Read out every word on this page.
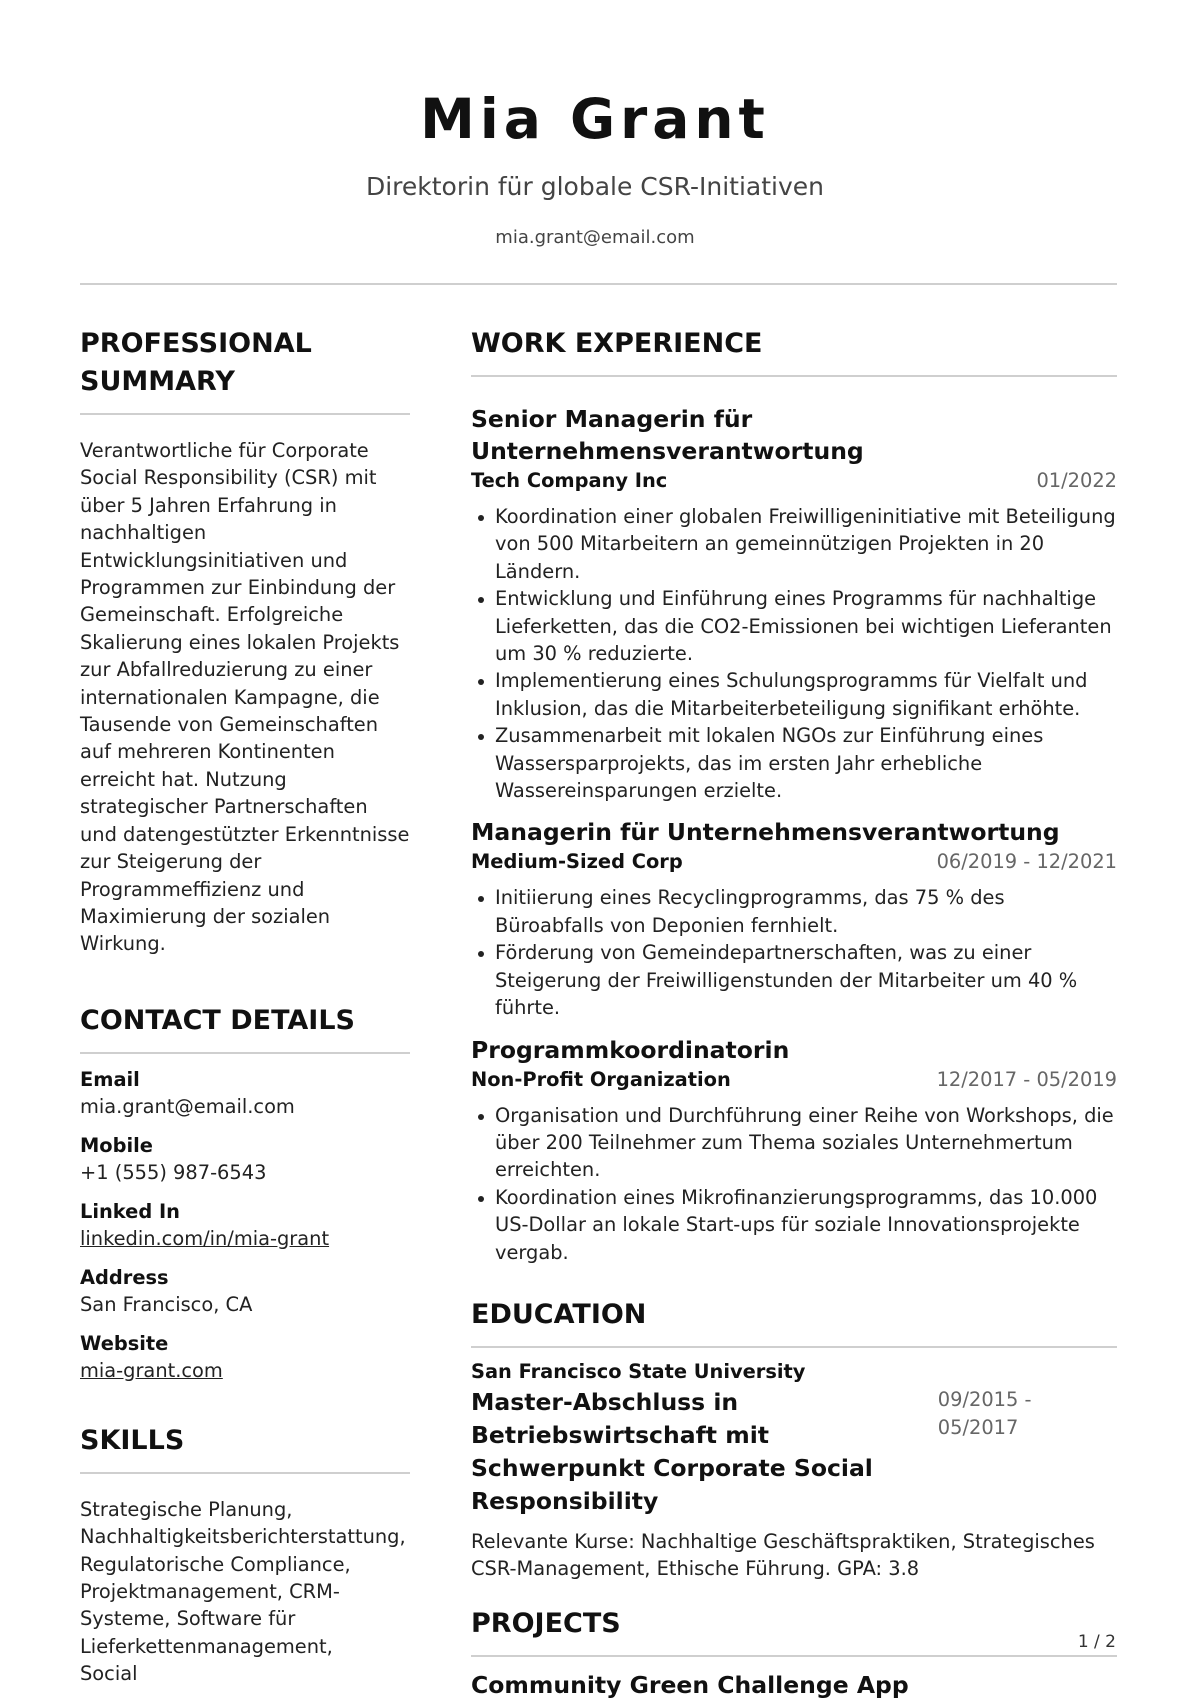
Mia Grant
Direktorin für globale CSR-Initiativen
mia.grant@email.com
PROFESSIONAL SUMMARY
Verantwortliche für Corporate Social Responsibility (CSR) mit über 5 Jahren Erfahrung in nachhaltigen Entwicklungsinitiativen und Programmen zur Einbindung der Gemeinschaft. Erfolgreiche Skalierung eines lokalen Projekts zur Abfallreduzierung zu einer internationalen Kampagne, die Tausende von Gemeinschaften auf mehreren Kontinenten erreicht hat. Nutzung strategischer Partnerschaften und datengestützter Erkenntnisse zur Steigerung der Programmeffizienz und Maximierung der sozialen Wirkung.
CONTACT DETAILS
Email
mia.grant@email.com
Mobile
+1 (555) 987-6543
Linked In
linkedin.com/in/mia-grant
Address
San Francisco, CA
Website
mia-grant.com
SKILLS
Strategische Planung, Nachhaltigkeitsberichterstattung, Regulatorische Compliance, Projektmanagement, CRM-Systeme, Software für Lieferkettenmanagement, Social
WORK EXPERIENCE
Senior Managerin für Unternehmensverantwortung
Tech Company Inc	01/2022
Koordination einer globalen Freiwilligeninitiative mit Beteiligung von 500 Mitarbeitern an gemeinnützigen Projekten in 20 Ländern.
Entwicklung und Einführung eines Programms für nachhaltige Lieferketten, das die CO2-Emissionen bei wichtigen Lieferanten um 30 % reduzierte.
Implementierung eines Schulungsprogramms für Vielfalt und Inklusion, das die Mitarbeiterbeteiligung signifikant erhöhte.
Zusammenarbeit mit lokalen NGOs zur Einführung eines Wassersparprojekts, das im ersten Jahr erhebliche Wassereinsparungen erzielte.
Managerin für Unternehmensverantwortung
Medium-Sized Corp	06/2019 - 12/2021
Initiierung eines Recyclingprogramms, das 75 % des Büroabfalls von Deponien fernhielt.
Förderung von Gemeindepartnerschaften, was zu einer Steigerung der Freiwilligenstunden der Mitarbeiter um 40 % führte.
Programmkoordinatorin
Non-Profit Organization	12/2017 - 05/2019
Organisation und Durchführung einer Reihe von Workshops, die über 200 Teilnehmer zum Thema soziales Unternehmertum erreichten.
Koordination eines Mikrofinanzierungsprogramms, das 10.000 US-Dollar an lokale Start-ups für soziale Innovationsprojekte vergab.
EDUCATION
San Francisco State University
Master-Abschluss in Betriebswirtschaft mit Schwerpunkt Corporate Social Responsibility
09/2015 - 05/2017
Relevante Kurse: Nachhaltige Geschäftspraktiken, Strategisches CSR-Management, Ethische Führung. GPA: 3.8
PROJECTS
Community Green Challenge App
1 / 2
